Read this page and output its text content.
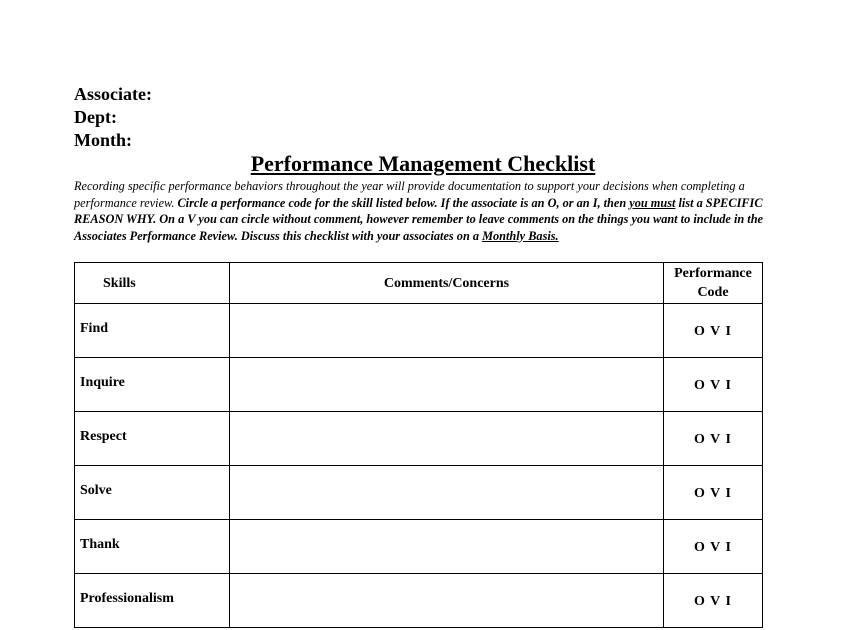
Associate:
Dept:
Month:
Performance Management Checklist
Recording specific performance behaviors throughout the year will provide documentation to support your decisions when completing a performance review. Circle a performance code for the skill listed below. If the associate is an O, or an I, then you must list a SPECIFIC REASON WHY. On a V you can circle without comment, however remember to leave comments on the things you want to include in the Associates Performance Review. Discuss this checklist with your associates on a Monthly Basis.
Skills	Comments/Concerns	Performance Code
Find		O V I
Inquire		O V I
Respect		O V I
Solve		O V I
Thank		O V I
Professionalism		O V I
